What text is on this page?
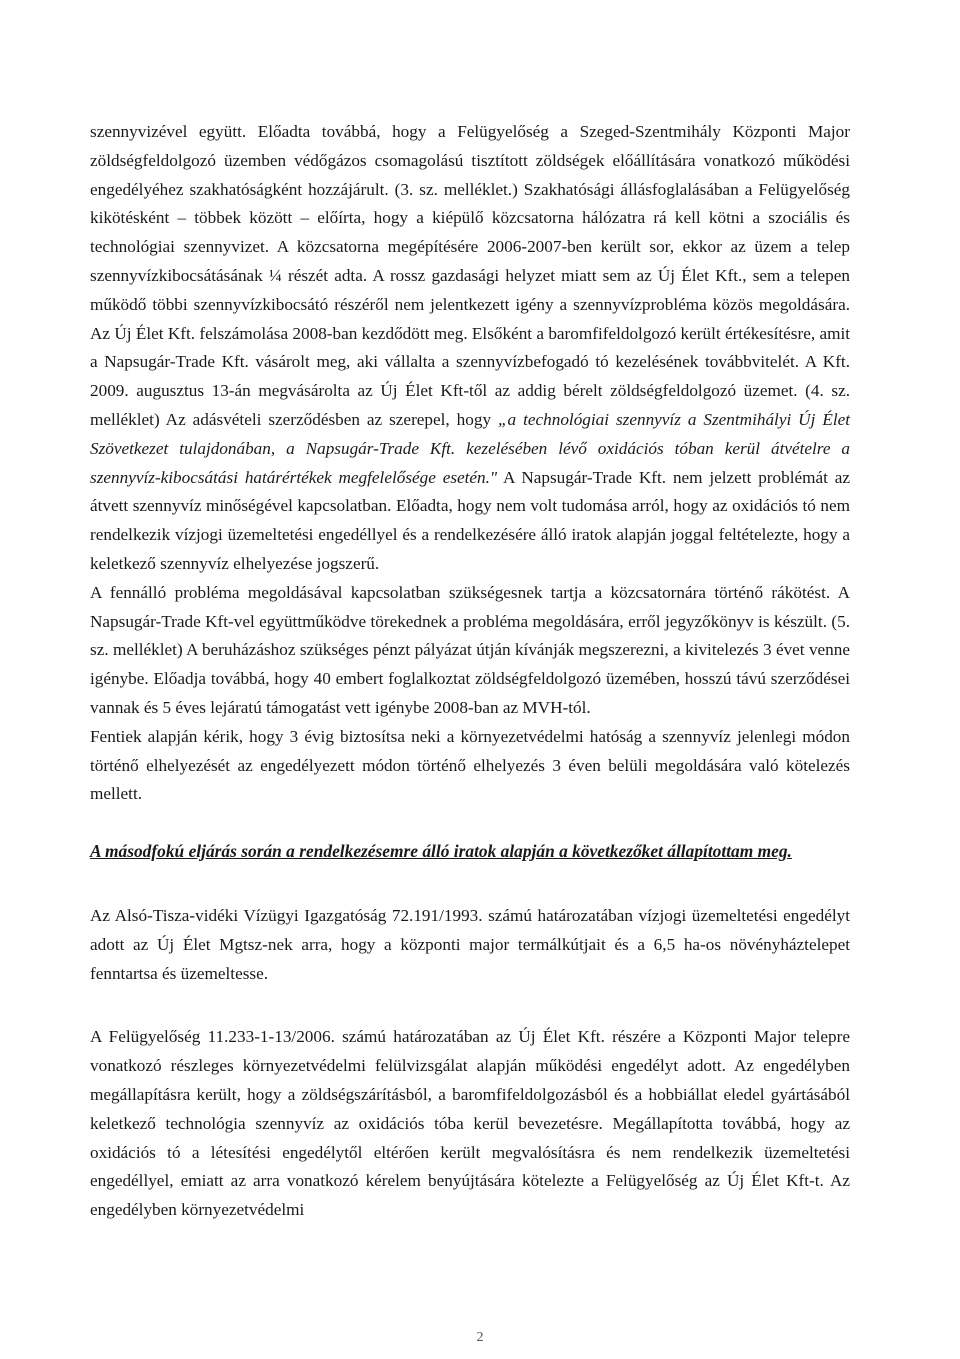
szennyvizével együtt. Előadta továbbá, hogy a Felügyelőség a Szeged-Szentmihály Központi Major zöldségfeldolgozó üzemben védőgázos csomagolású tisztított zöldségek előállítására vonatkozó működési engedélyéhez szakhatóságként hozzájárult. (3. sz. melléklet.) Szakhatósági állásfoglalásában a Felügyelőség kikötésként – többek között – előírta, hogy a kiépülő közcsatorna hálózatra rá kell kötni a szociális és technológiai szennyvizet. A közcsatorna megépítésére 2006-2007-ben került sor, ekkor az üzem a telep szennyvízkibocsátásának ¼ részét adta. A rossz gazdasági helyzet miatt sem az Új Élet Kft., sem a telepen működő többi szennyvízkibocsátó részéről nem jelentkezett igény a szennyvízprobléma közös megoldására. Az Új Élet Kft. felszámolása 2008-ban kezdődött meg. Elsőként a baromfifeldolgozó került értékesítésre, amit a Napsugár-Trade Kft. vásárolt meg, aki vállalta a szennyvízbefogadó tó kezelésének továbbvitelét. A Kft. 2009. augusztus 13-án megvásárolta az Új Élet Kft-től az addig bérelt zöldségfeldolgozó üzemet. (4. sz. melléklet) Az adásvételi szerződésben az szerepel, hogy „a technológiai szennyvíz a Szentmihályi Új Élet Szövetkezet tulajdonában, a Napsugár-Trade Kft. kezelésében lévő oxidációs tóban kerül átvételre a szennyvíz-kibocsátási határértékek megfelelősége esetén." A Napsugár-Trade Kft. nem jelzett problémát az átvett szennyvíz minőségével kapcsolatban. Előadta, hogy nem volt tudomása arról, hogy az oxidációs tó nem rendelkezik vízjogi üzemeltetési engedéllyel és a rendelkezésére álló iratok alapján joggal feltételezte, hogy a keletkező szennyvíz elhelyezése jogszerű.

A fennálló probléma megoldásával kapcsolatban szükségesnek tartja a közcsatornára történő rákötést. A Napsugár-Trade Kft-vel együttműködve törekednek a probléma megoldására, erről jegyzőkönyv is készült. (5. sz. melléklet) A beruházáshoz szükséges pénzt pályázat útján kívánják megszerezni, a kivitelezés 3 évet venne igénybe. Előadja továbbá, hogy 40 embert foglalkoztat zöldségfeldolgozó üzemében, hosszú távú szerződései vannak és 5 éves lejáratú támogatást vett igénybe 2008-ban az MVH-tól.

Fentiek alapján kérik, hogy 3 évig biztosítsa neki a környezetvédelmi hatóság a szennyvíz jelenlegi módon történő elhelyezését az engedélyezett módon történő elhelyezés 3 éven belüli megoldására való kötelezés mellett.

A másodfokú eljárás során a rendelkezésemre álló iratok alapján a következőket állapítottam meg.

Az Alsó-Tisza-vidéki Vízügyi Igazgatóság 72.191/1993. számú határozatában vízjogi üzemeltetési engedélyt adott az Új Élet Mgtsz-nek arra, hogy a központi major termálkútjait és a 6,5 ha-os növényháztelepet fenntartsa és üzemeltesse.

A Felügyelőség 11.233-1-13/2006. számú határozatában az Új Élet Kft. részére a Központi Major telepre vonatkozó részleges környezetvédelmi felülvizsgálat alapján működési engedélyt adott. Az engedélyben megállapításra került, hogy a zöldségszárításból, a baromfifeldolgozásból és a hobbiállat eledel gyártásából keletkező technológia szennyvíz az oxidációs tóba kerül bevezetésre. Megállapította továbbá, hogy az oxidációs tó a létesítési engedélytől eltérően került megvalósításra és nem rendelkezik üzemeltetési engedéllyel, emiatt az arra vonatkozó kérelem benyújtására kötelezte a Felügyelőség az Új Élet Kft-t. Az engedélyben környezetvédelmi

2
